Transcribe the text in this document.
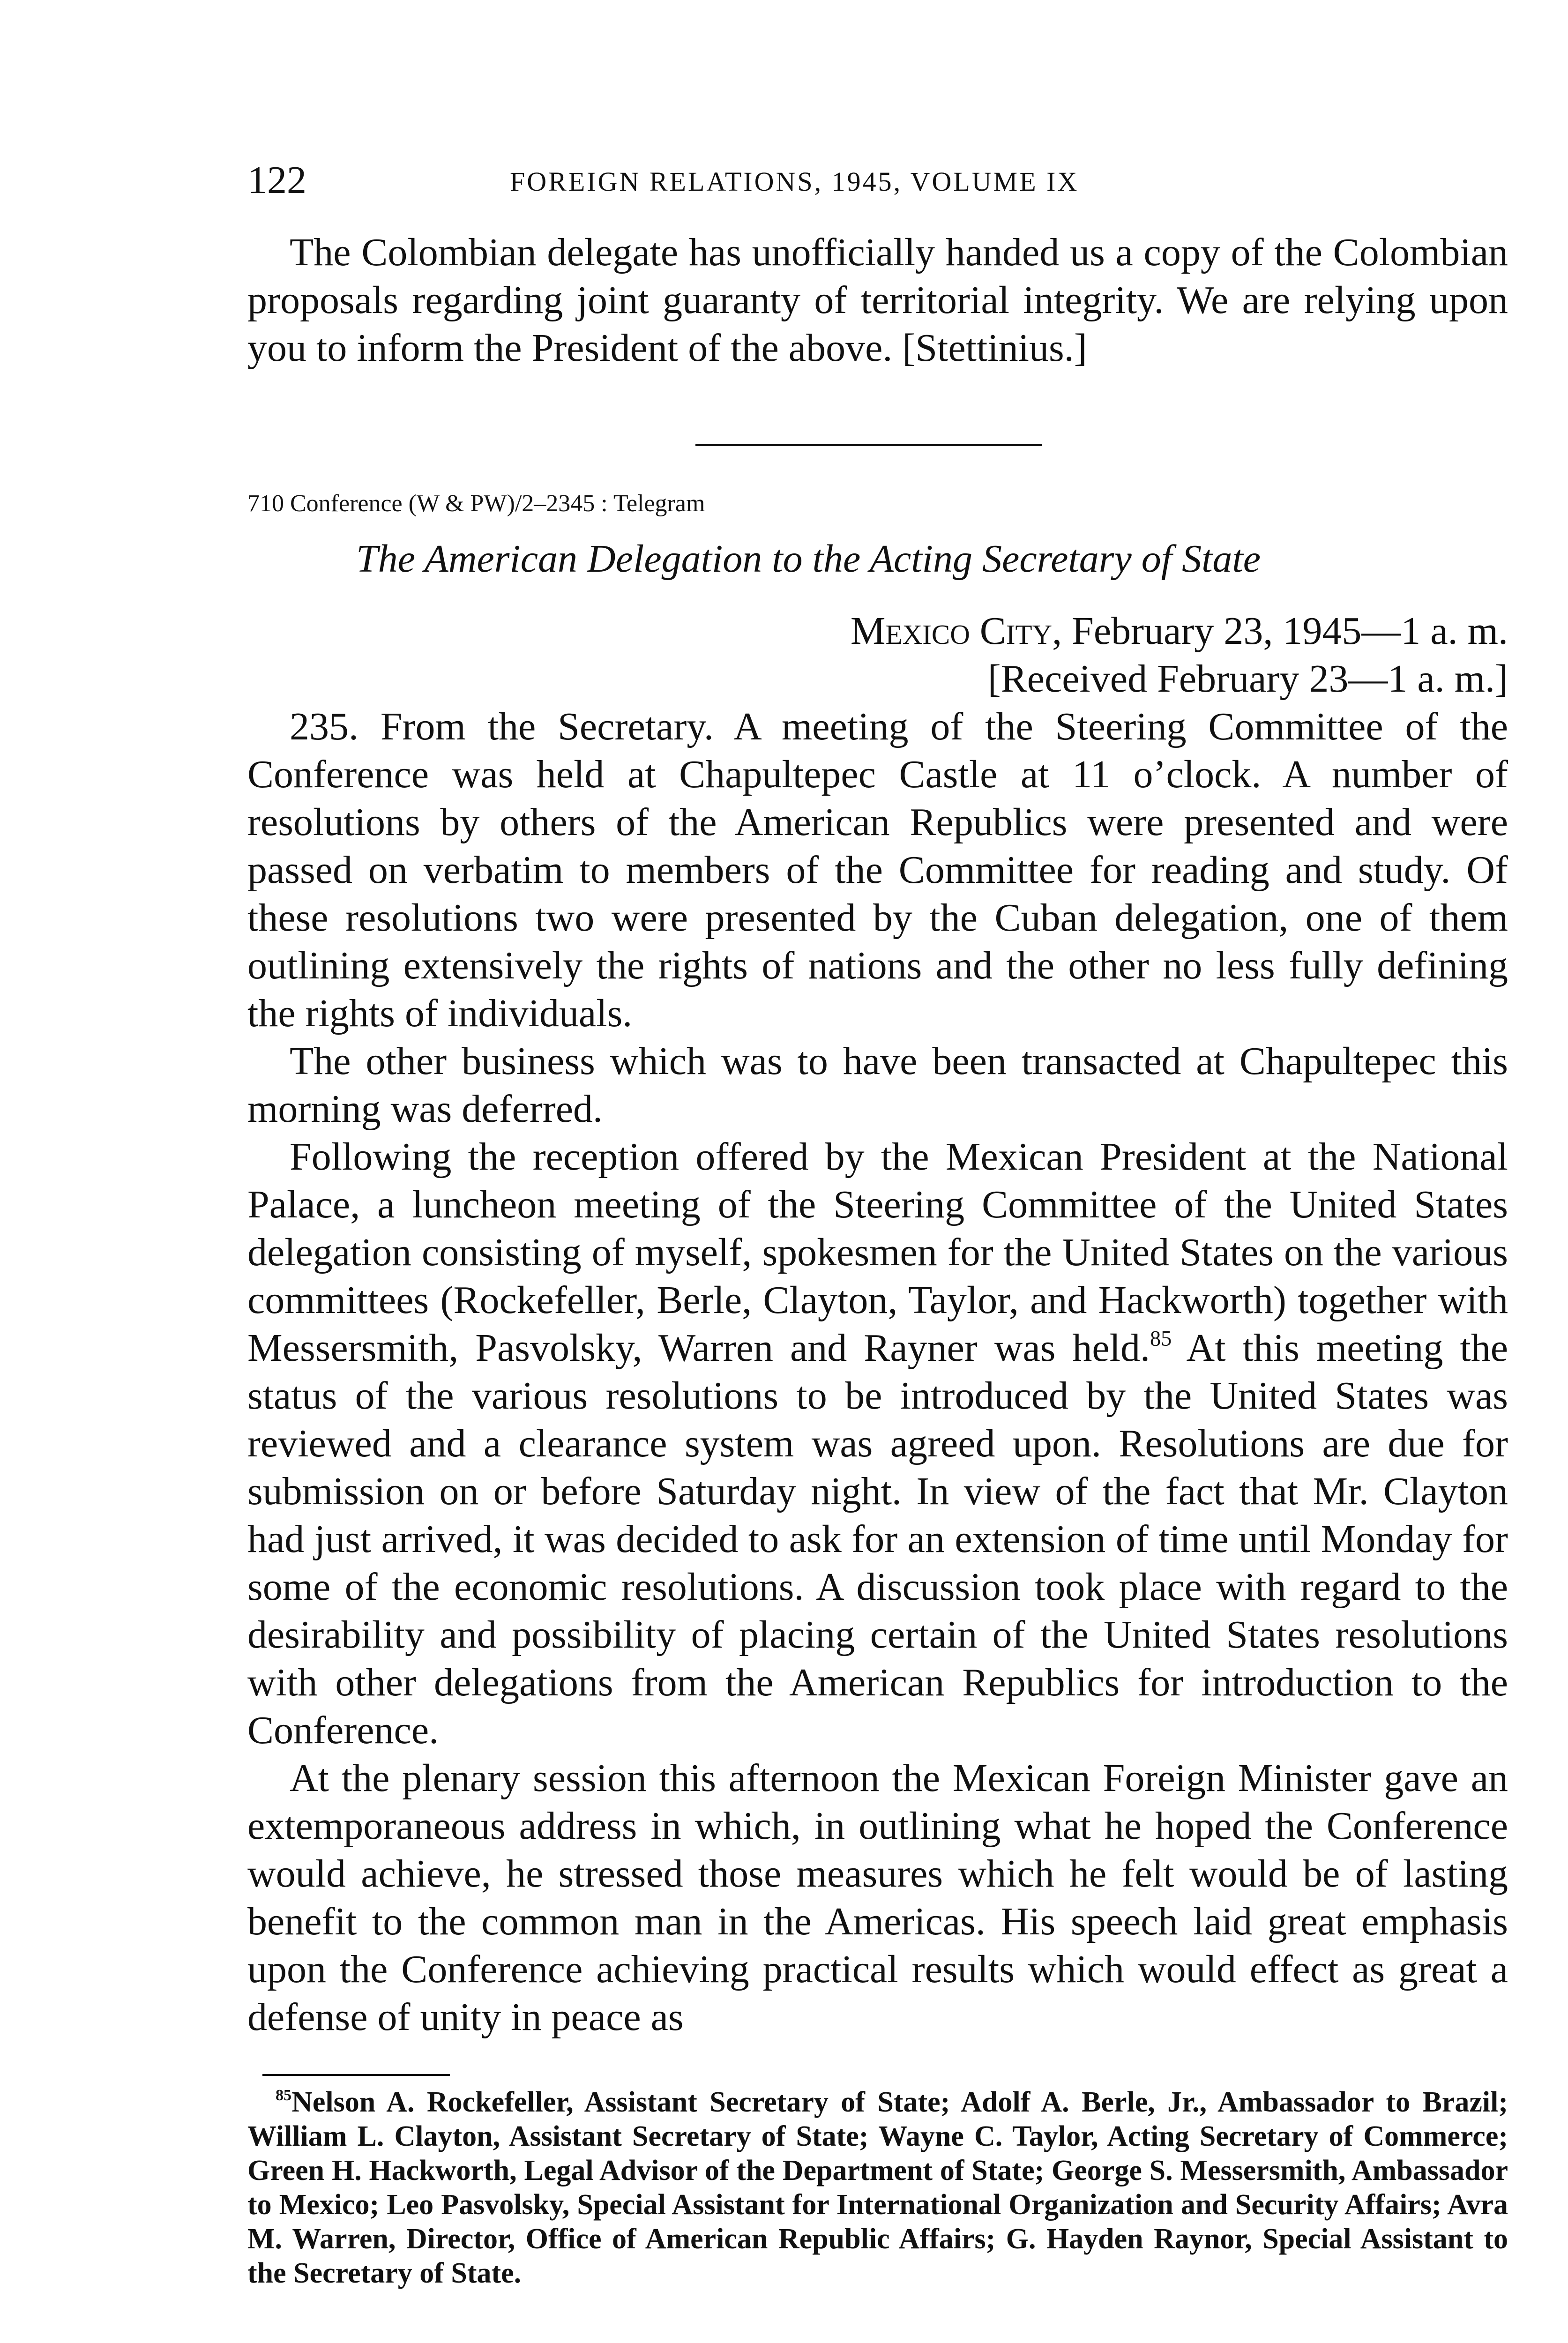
122	FOREIGN RELATIONS, 1945, VOLUME IX

The Colombian delegate has unofficially handed us a copy of the Colombian proposals regarding joint guaranty of territorial integrity. We are relying upon you to inform the President of the above. [Stettinius.]

710 Conference (W & PW)/2–2345 : Telegram
The American Delegation to the Acting Secretary of State
Mexico City, February 23, 1945—1 a. m.
[Received February 23—1 a. m.]

235. From the Secretary. A meeting of the Steering Committee of the Conference was held at Chapultepec Castle at 11 o’clock. A number of resolutions by others of the American Republics were presented and were passed on verbatim to members of the Committee for reading and study. Of these resolutions two were presented by the Cuban delegation, one of them outlining extensively the rights of nations and the other no less fully defining the rights of individuals.

The other business which was to have been transacted at Chapultepec this morning was deferred.

Following the reception offered by the Mexican President at the National Palace, a luncheon meeting of the Steering Committee of the United States delegation consisting of myself, spokesmen for the United States on the various committees (Rockefeller, Berle, Clayton, Taylor, and Hackworth) together with Messersmith, Pasvolsky, Warren and Rayner was held.$^{85}$ At this meeting the status of the various resolutions to be introduced by the United States was reviewed and a clearance system was agreed upon. Resolutions are due for submission on or before Saturday night. In view of the fact that Mr. Clayton had just arrived, it was decided to ask for an extension of time until Monday for some of the economic resolutions. A discussion took place with regard to the desirability and possibility of placing certain of the United States resolutions with other delegations from the American Republics for introduction to the Conference.

At the plenary session this afternoon the Mexican Foreign Minister gave an extemporaneous address in which, in outlining what he hoped the Conference would achieve, he stressed those measures which he felt would be of lasting benefit to the common man in the Americas. His speech laid great emphasis upon the Conference achieving practical results which would effect as great a defense of unity in peace as

$^{85}$Nelson A. Rockefeller, Assistant Secretary of State; Adolf A. Berle, Jr., Ambassador to Brazil; William L. Clayton, Assistant Secretary of State; Wayne C. Taylor, Acting Secretary of Commerce; Green H. Hackworth, Legal Advisor of the Department of State; George S. Messersmith, Ambassador to Mexico; Leo Pasvolsky, Special Assistant for International Organization and Security Affairs; Avra M. Warren, Director, Office of American Republic Affairs; G. Hayden Raynor, Special Assistant to the Secretary of State.
